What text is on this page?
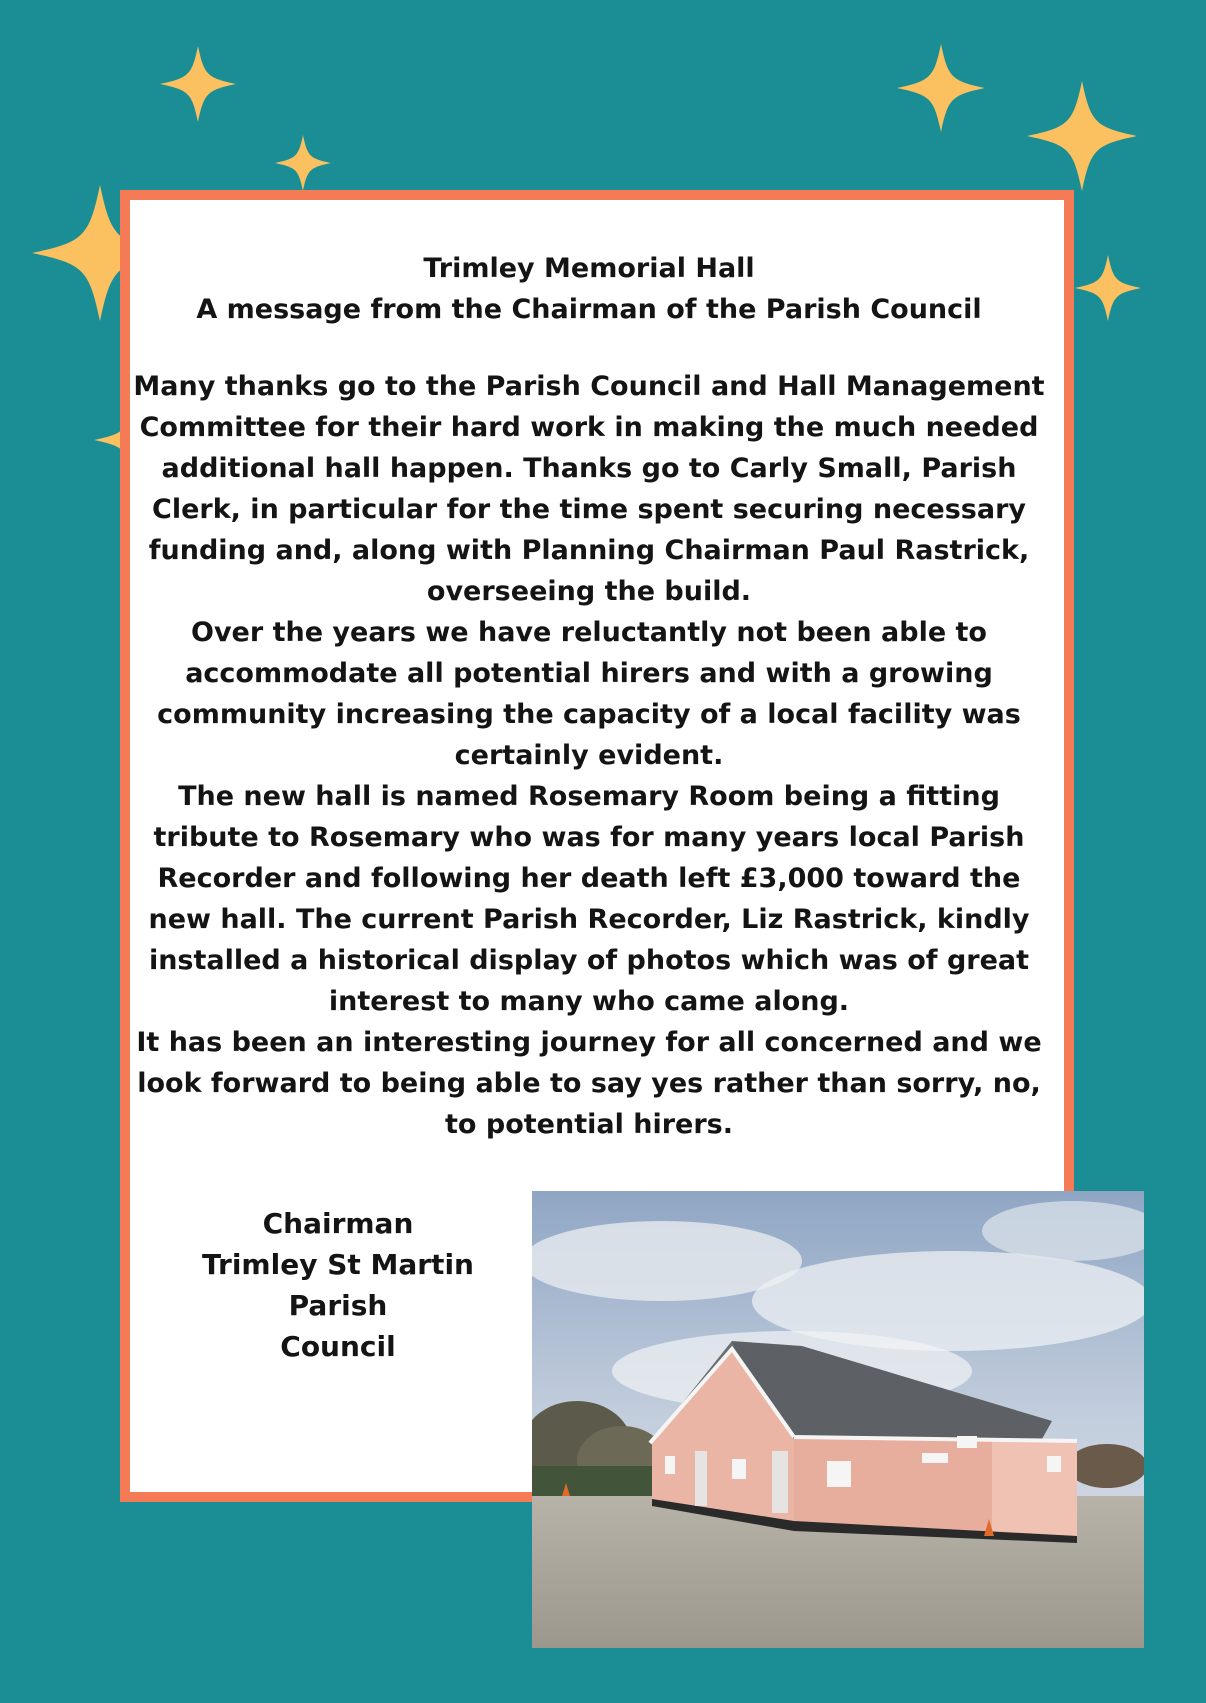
Trimley Memorial Hall
A message from the Chairman of the Parish Council

Many thanks go to the Parish Council and Hall Management Committee for their hard work in making the much needed additional hall happen. Thanks go to Carly Small, Parish Clerk, in particular for the time spent securing necessary funding and, along with Planning Chairman Paul Rastrick, overseeing the build.

Over the years we have reluctantly not been able to accommodate all potential hirers and with a growing community increasing the capacity of a local facility was certainly evident.

The new hall is named Rosemary Room being a fitting tribute to Rosemary who was for many years local Parish Recorder and following her death left £3,000 toward the new hall. The current Parish Recorder, Liz Rastrick, kindly installed a historical display of photos which was of great interest to many who came along.

It has been an interesting journey for all concerned and we look forward to being able to say yes rather than sorry, no, to potential hirers.

Chairman
Trimley St Martin Parish
Council
